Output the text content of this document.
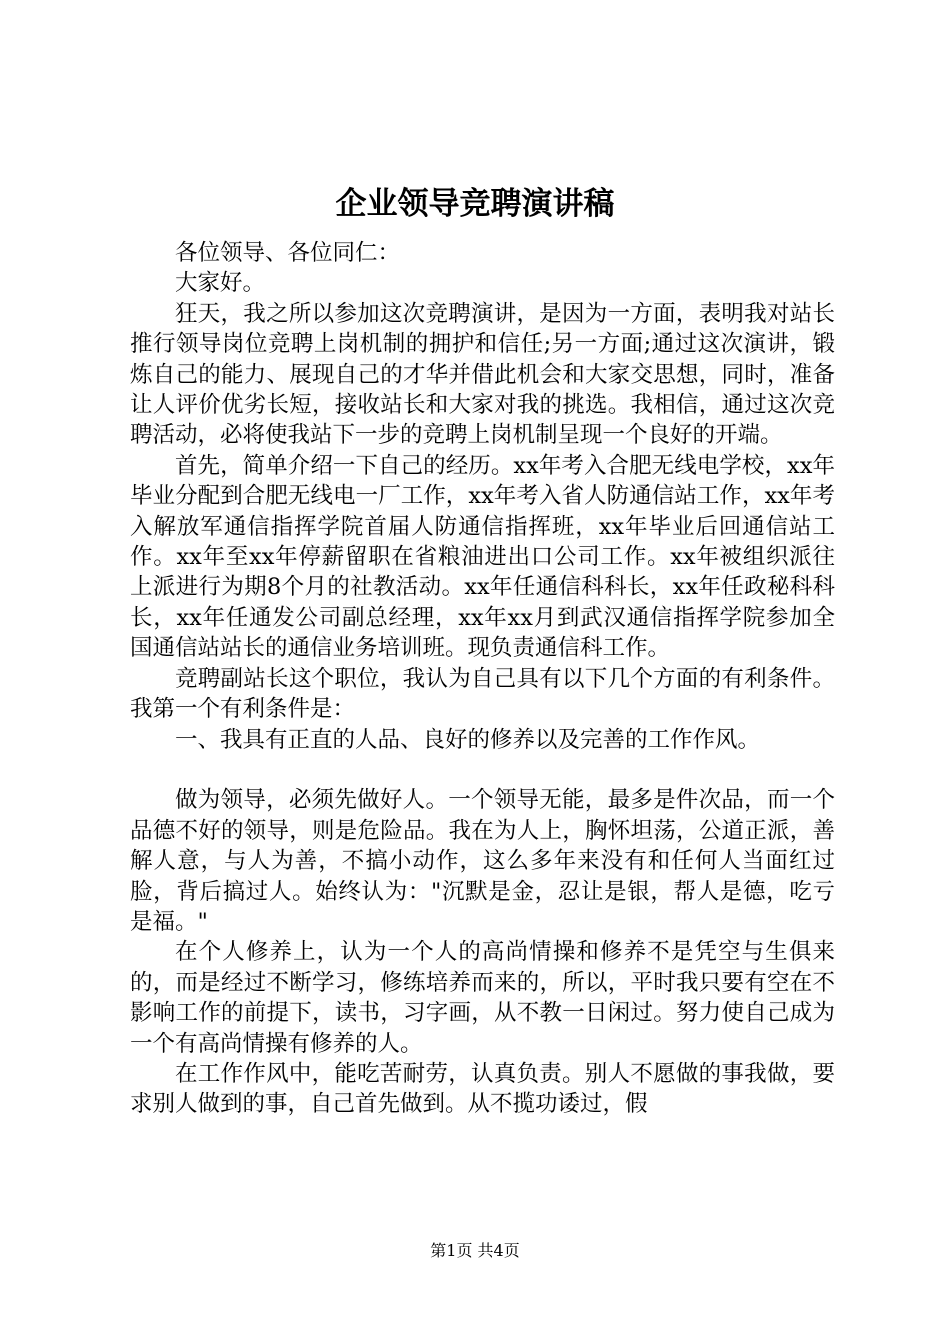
企业领导竞聘演讲稿

各位领导、各位同仁：

大家好。

狂天，我之所以参加这次竞聘演讲，是因为一方面，表明我对站长推行领导岗位竞聘上岗机制的拥护和信任;另一方面;通过这次演讲，锻炼自己的能力、展现自己的才华并借此机会和大家交思想，同时，准备让人评价优劣长短，接收站长和大家对我的挑选。我相信，通过这次竞聘活动，必将使我站下一步的竞聘上岗机制呈现一个良好的开端。

首先，简单介绍一下自己的经历。xx年考入合肥无线电学校，xx年毕业分配到合肥无线电一厂工作，xx年考入省人防通信站工作，xx年考入解放军通信指挥学院首届人防通信指挥班，xx年毕业后回通信站工作。xx年至xx年停薪留职在省粮油进出口公司工作。xx年被组织派往上派进行为期8个月的社教活动。xx年任通信科科长，xx年任政秘科科长，xx年任通发公司副总经理，xx年xx月到武汉通信指挥学院参加全国通信站站长的通信业务培训班。现负责通信科工作。

竞聘副站长这个职位，我认为自己具有以下几个方面的有利条件。我第一个有利条件是：

一、我具有正直的人品、良好的修养以及完善的工作作风。

做为领导，必须先做好人。一个领导无能，最多是件次品，而一个品德不好的领导，则是危险品。我在为人上，胸怀坦荡，公道正派，善解人意，与人为善，不搞小动作，这么多年来没有和任何人当面红过脸，背后搞过人。始终认为："沉默是金，忍让是银，帮人是德，吃亏是福。"

在个人修养上，认为一个人的高尚情操和修养不是凭空与生俱来的，而是经过不断学习，修练培养而来的，所以，平时我只要有空在不影响工作的前提下，读书，习字画，从不教一日闲过。努力使自己成为一个有高尚情操有修养的人。

在工作作风中，能吃苦耐劳，认真负责。别人不愿做的事我做，要求别人做到的事，自己首先做到。从不揽功诿过，假

第1页 共4页
